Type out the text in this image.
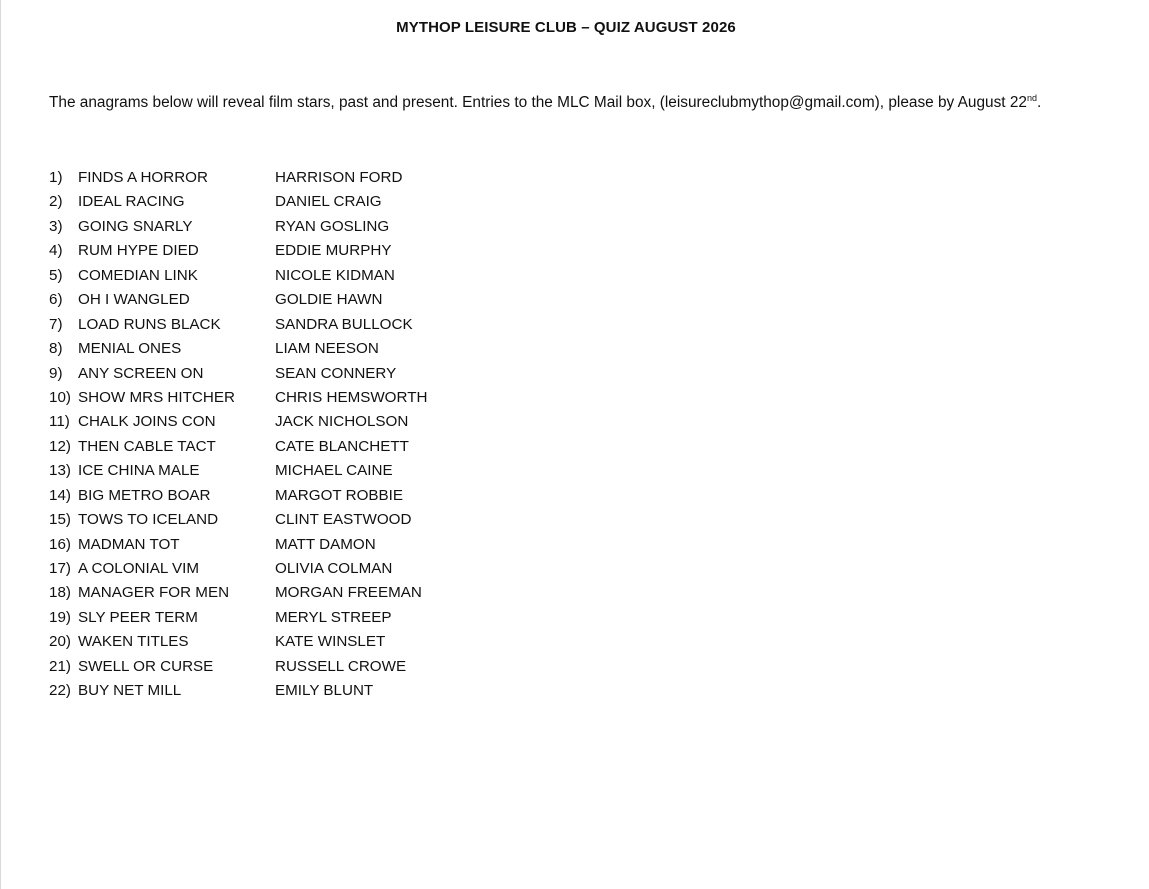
MYTHOP LEISURE CLUB – QUIZ AUGUST 2026
The anagrams below will reveal film stars, past and present. Entries to the MLC Mail box, (leisureclubmythop@gmail.com), please by August 22nd.
1) FINDS A HORROR	HARRISON FORD
2) IDEAL RACING	DANIEL CRAIG
3) GOING SNARLY	RYAN GOSLING
4) RUM HYPE DIED	EDDIE MURPHY
5) COMEDIAN LINK	NICOLE KIDMAN
6) OH I WANGLED	GOLDIE HAWN
7) LOAD RUNS BLACK	SANDRA BULLOCK
8) MENIAL ONES	LIAM NEESON
9) ANY SCREEN ON	SEAN CONNERY
10) SHOW MRS HITCHER	CHRIS HEMSWORTH
11) CHALK JOINS CON	JACK NICHOLSON
12) THEN CABLE TACT	CATE BLANCHETT
13) ICE CHINA MALE	MICHAEL CAINE
14) BIG METRO BOAR	MARGOT ROBBIE
15) TOWS TO ICELAND	CLINT EASTWOOD
16) MADMAN TOT	MATT DAMON
17) A COLONIAL VIM	OLIVIA COLMAN
18) MANAGER FOR MEN	MORGAN FREEMAN
19) SLY PEER TERM	MERYL STREEP
20) WAKEN TITLES	KATE WINSLET
21) SWELL OR CURSE	RUSSELL CROWE
22) BUY NET MILL	EMILY BLUNT
